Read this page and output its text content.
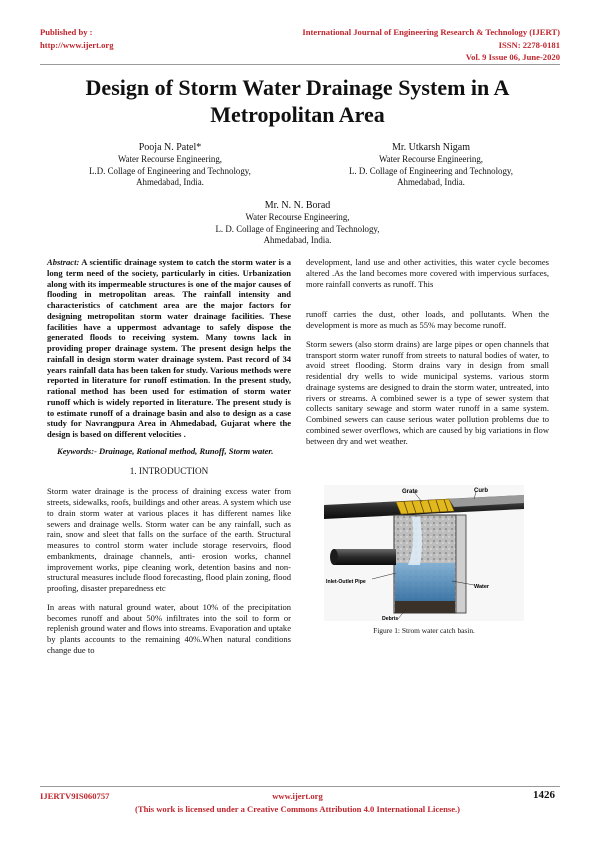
Published by :
http://www.ijert.org
International Journal of Engineering Research & Technology (IJERT)
ISSN: 2278-0181
Vol. 9 Issue 06, June-2020
Design of Storm Water Drainage System in A
Metropolitan Area
Pooja N. Patel*
Water Recourse Engineering,
L.D. Collage of Engineering and Technology,
Ahmedabad, India.
Mr. Utkarsh Nigam
Water Recourse Engineering,
L. D. Collage of Engineering and Technology,
Ahmedabad, India.
Mr. N. N. Borad
Water Recourse Engineering,
L. D. Collage of Engineering and Technology,
Ahmedabad, India.

Abstract: A scientific drainage system to catch the storm water is a long term need of the society, particularly in cities. Urbanization along with its impermeable structures is one of the major causes of flooding in metropolitan areas. The rainfall intensity and characteristics of catchment area are the major factors for designing metropolitan storm water drainage facilities. These facilities have a uppermost advantage to safely dispose the generated floods to receiving system. Many towns lack in providing proper drainage system. The present design helps the rainfall in design storm water drainage system. Past record of 34 years rainfall data has been taken for study. Various methods were reported in literature for runoff estimation. In the present study, rational method has been used for estimation of storm water runoff which is widely reported in literature. The present study is to estimate runoff of a drainage basin and also to design as a case study for Navrangpura Area in Ahmedabad, Gujarat where the design is based on different velocities .

Keywords:- Drainage, Rational method, Runoff, Storm water.

1. INTRODUCTION

Storm water drainage is the process of draining excess water from streets, sidewalks, roofs, buildings and other areas. A system which use to drain storm water at various places it has different names like sewers and drainage wells. Storm water can be any rainfall, such as rain, snow and sleet that falls on the surface of the earth. Structural measures to control storm water include storage reservoirs, flood embankments, drainage channels, anti- erosion works, channel improvement works, pipe cleaning work, detention basins and non-structural measures include flood forecasting, flood plain zoning, flood proofing, disaster preparedness etc

In areas with natural ground water, about 10% of the precipitation becomes runoff and about 50% infiltrates into the soil to form or replenish ground water and flows into streams. Evaporation and uptake by plants accounts to the remaining 40%.When natural conditions change due to

development, land use and other activities, this water cycle becomes altered .As the land becomes more covered with impervious surfaces, more rainfall converts as runoff. This

runoff carries the dust, other loads, and pollutants. When the development is more as much as 55% may become runoff.

Storm sewers (also storm drains) are large pipes or open channels that transport storm water runoff from streets to natural bodies of water, to avoid street flooding. Storm drains vary in design from small residential dry wells to wide municipal systems. various storm drainage systems are designed to drain the storm water, untreated, into rivers or streams. A combined sewer is a type of sewer system that collects sanitary sewage and storm water runoff in a same system. Combined sewers can cause serious water pollution problems due to combined sewer overflows, which are caused by big variations in flow between dry and wet weather.

Grate	Curb
Inlet-Outlet Pipe
Water
Debris
Figure 1: Strom water catch basin.
IJERTV9IS060757	www.ijert.org	1426
(This work is licensed under a Creative Commons Attribution 4.0 International License.)
